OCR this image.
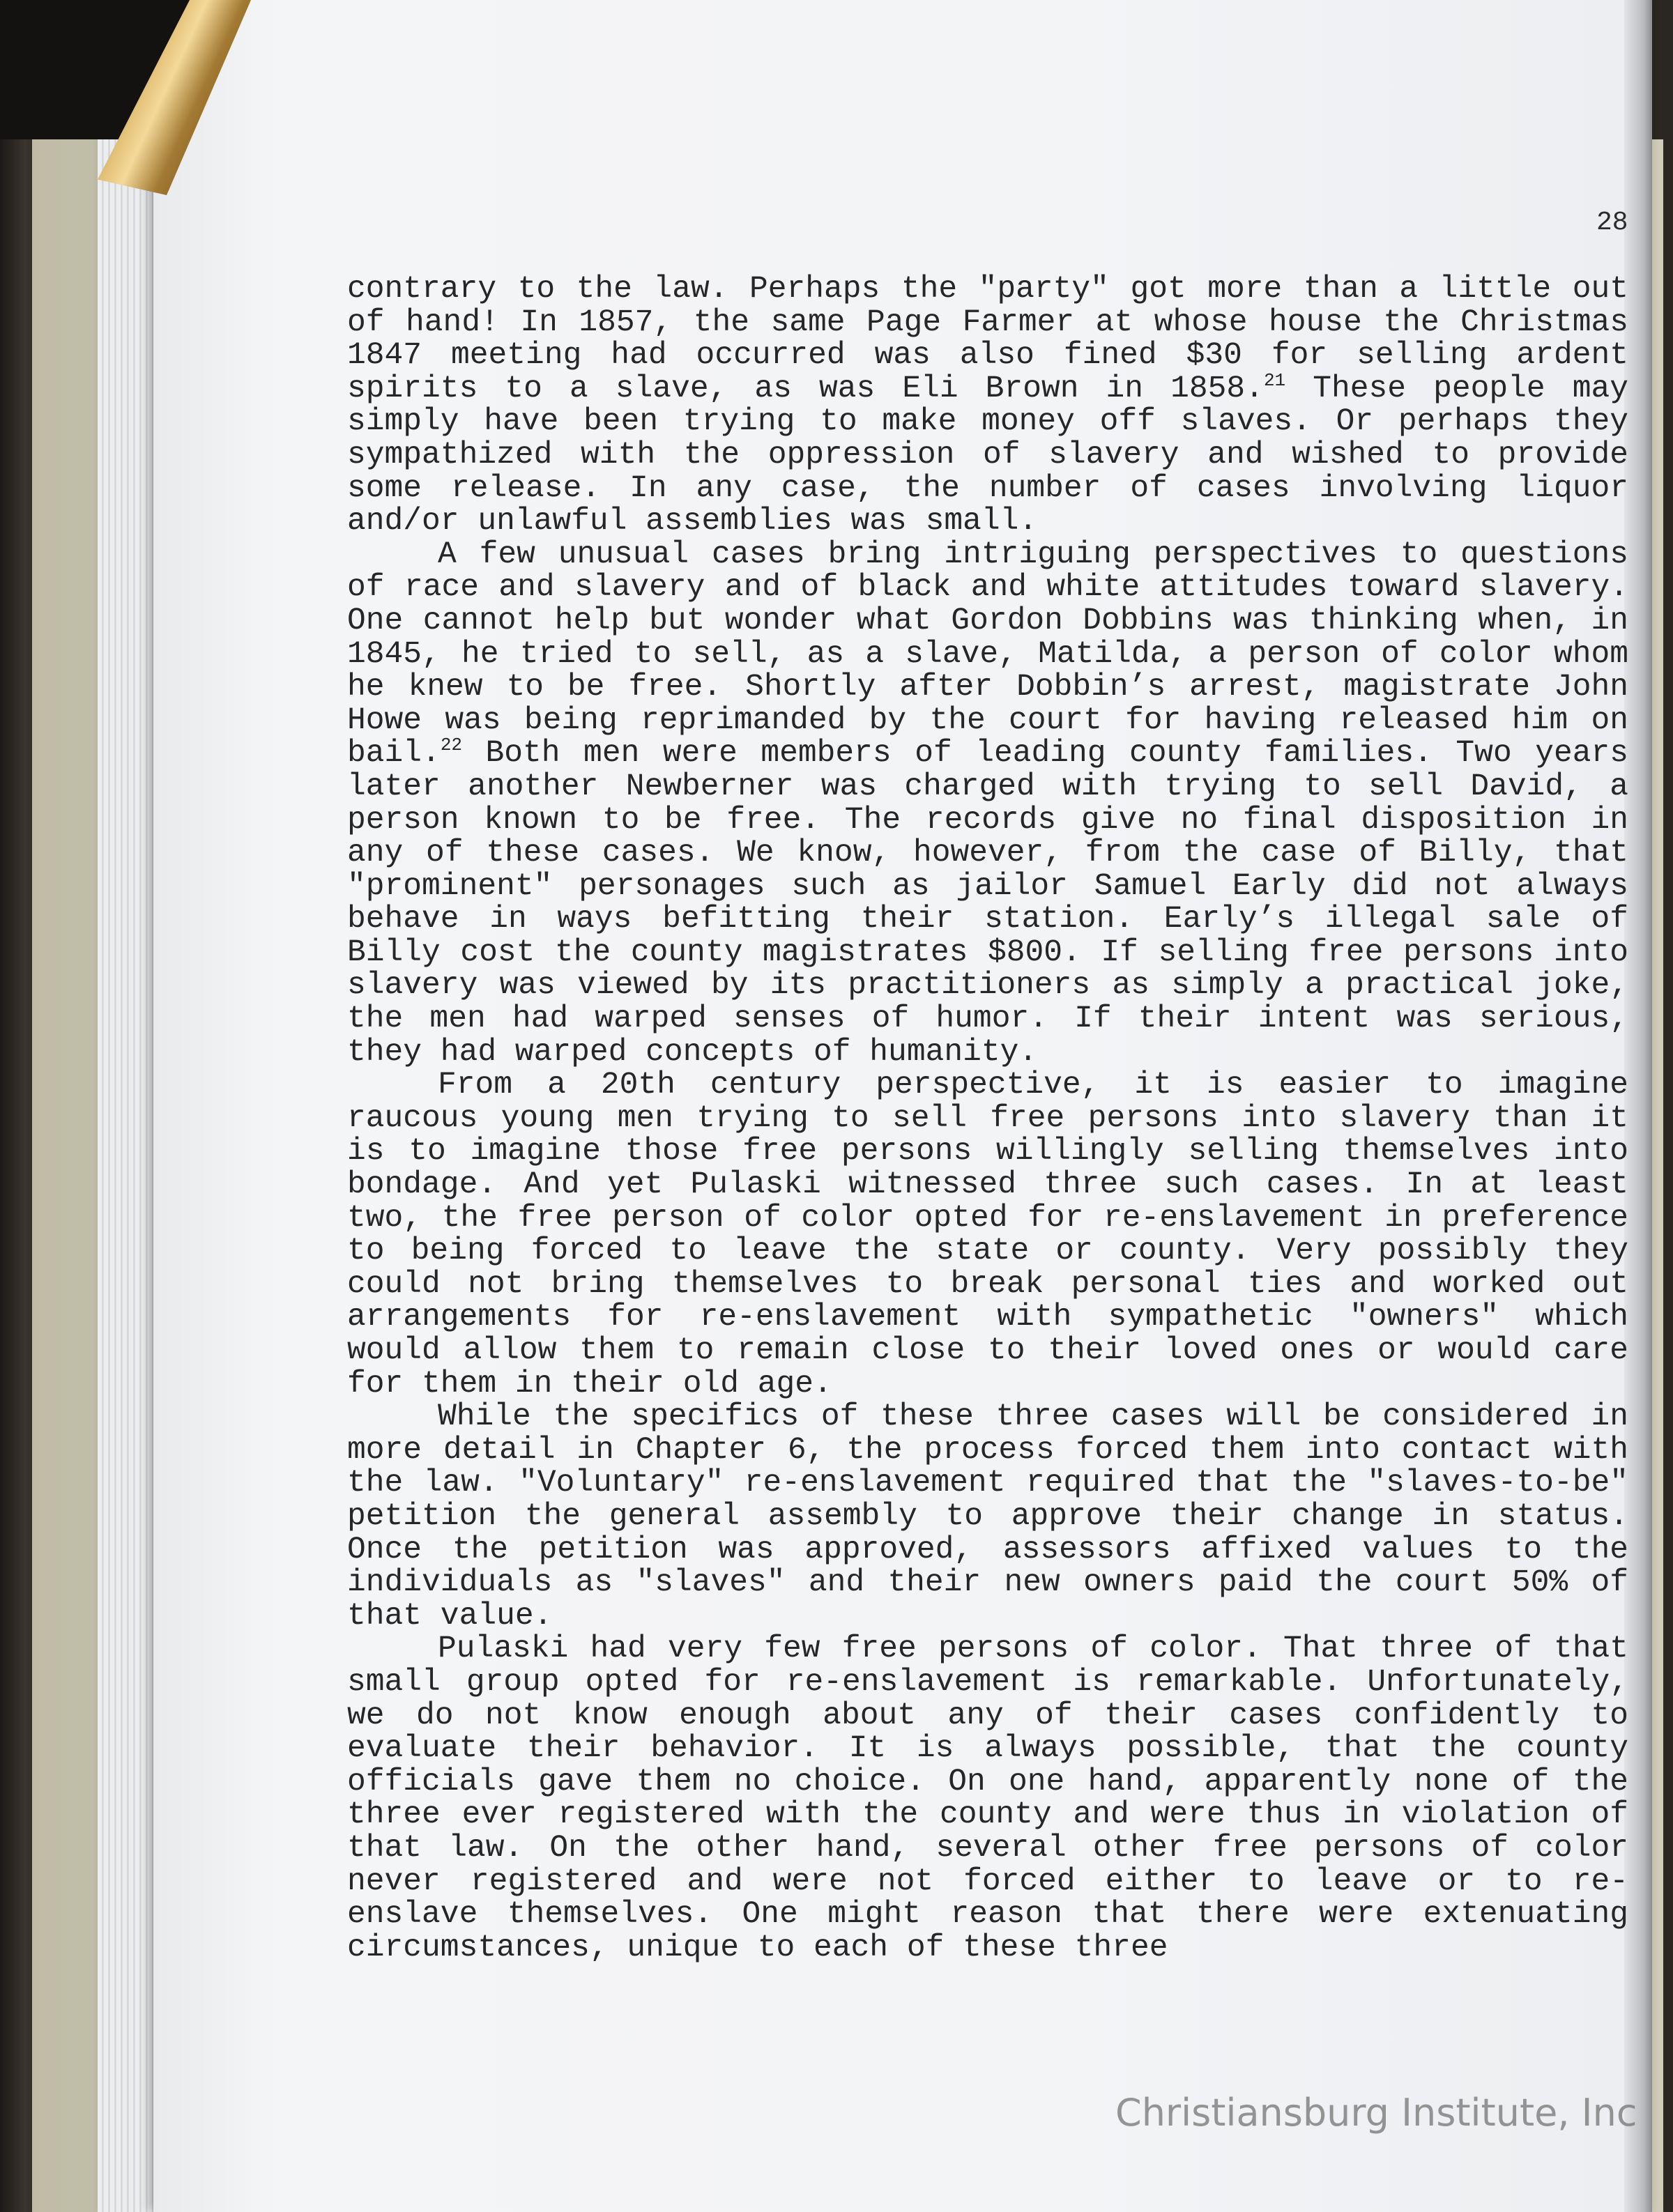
28

contrary to the law. Perhaps the "party" got more than a little out of hand! In 1857, the same Page Farmer at whose house the Christmas 1847 meeting had occurred was also fined $30 for selling ardent spirits to a slave, as was Eli Brown in 1858.21 These people may simply have been trying to make money off slaves. Or perhaps they sympathized with the oppression of slavery and wished to provide some release. In any case, the number of cases involving liquor and/or unlawful assemblies was small.

A few unusual cases bring intriguing perspectives to questions of race and slavery and of black and white attitudes toward slavery. One cannot help but wonder what Gordon Dobbins was thinking when, in 1845, he tried to sell, as a slave, Matilda, a person of color whom he knew to be free. Shortly after Dobbin’s arrest, magistrate John Howe was being reprimanded by the court for having released him on bail.$^{22}$ Both men were members of leading county families. Two years later another Newberner was charged with trying to sell David, a person known to be free. The records give no final disposition in any of these cases. We know, however, from the case of Billy, that "prominent" personages such as jailor Samuel Early did not always behave in ways befitting their station. Early’s illegal sale of Billy cost the county magistrates $800. If selling free persons into slavery was viewed by its practitioners as simply a practical joke, the men had warped senses of humor. If their intent was serious, they had warped concepts of humanity.

From a 20th century perspective, it is easier to imagine raucous young men trying to sell free persons into slavery than it is to imagine those free persons willingly selling themselves into bondage. And yet Pulaski witnessed three such cases. In at least two, the free person of color opted for re-enslavement in preference to being forced to leave the state or county. Very possibly they could not bring themselves to break personal ties and worked out arrangements for re-enslavement with sympathetic "owners" which would allow them to remain close to their loved ones or would care for them in their old age.

While the specifics of these three cases will be considered in more detail in Chapter 6, the process forced them into contact with the law. "Voluntary" re-enslavement required that the "slaves-to-be" petition the general assembly to approve their change in status. Once the petition was approved, assessors affixed values to the individuals as "slaves" and their new owners paid the court 50% of that value.

Pulaski had very few free persons of color. That three of that small group opted for re-enslavement is remarkable. Unfortunately, we do not know enough about any of their cases confidently to evaluate their behavior. It is always possible, that the county officials gave them no choice. On one hand, apparently none of the three ever registered with the county and were thus in violation of that law. On the other hand, several other free persons of color never registered and were not forced either to leave or to re-enslave themselves. One might reason that there were extenuating circumstances, unique to each of these three

Christiansburg Institute, Inc
